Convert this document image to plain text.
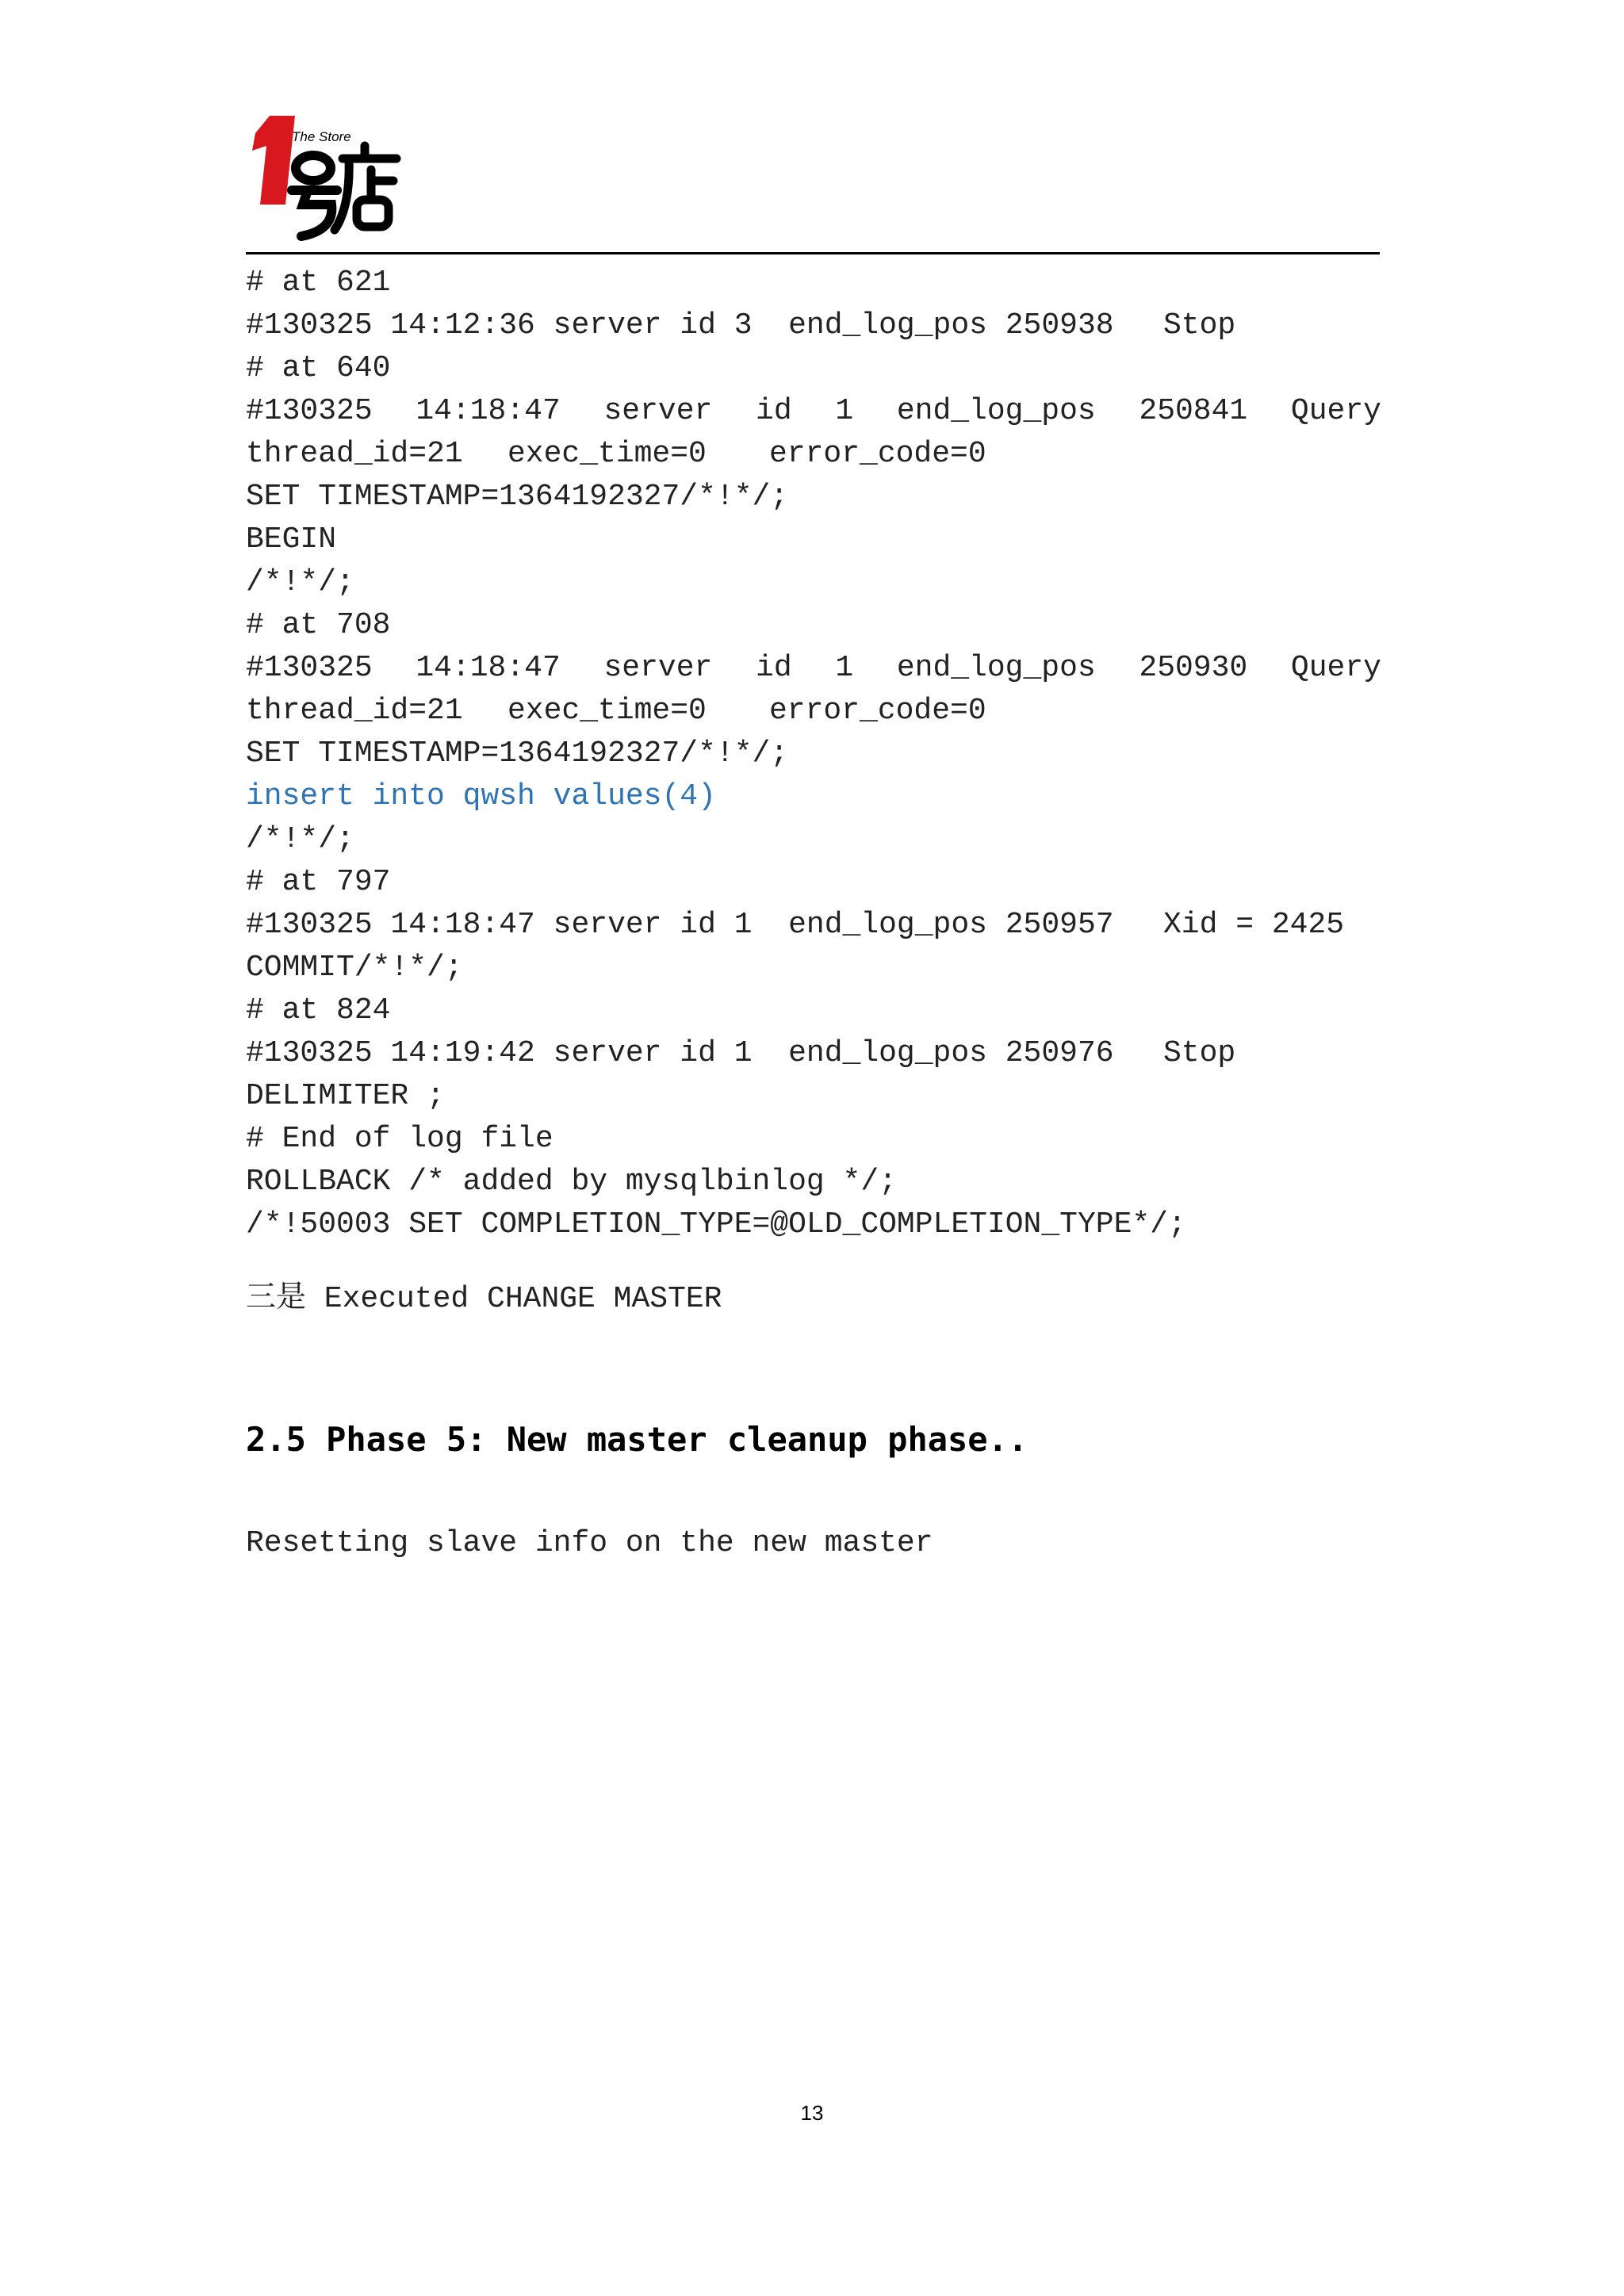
The Store
# at 621
#130325 14:12:36 server id 3  end_log_pos 250938 Stop
# at 640
#130325 14:18:47 server id 1 end_log_pos 250841 Query
thread_id=21 exec_time=0 error_code=0
SET TIMESTAMP=1364192327/*!*/;
BEGIN
/*!*/;
# at 708
#130325 14:18:47 server id 1 end_log_pos 250930 Query
thread_id=21 exec_time=0 error_code=0
SET TIMESTAMP=1364192327/*!*/;
insert into qwsh values(4)
/*!*/;
# at 797
#130325 14:18:47 server id 1  end_log_pos 250957 Xid = 2425
COMMIT/*!*/;
# at 824
#130325 14:19:42 server id 1  end_log_pos 250976 Stop
DELIMITER ;
# End of log file
ROLLBACK /* added by mysqlbinlog */;
/*!50003 SET COMPLETION_TYPE=@OLD_COMPLETION_TYPE*/;
三是 Executed CHANGE MASTER
2.5 Phase 5: New master cleanup phase..
Resetting slave info on the new master
13
